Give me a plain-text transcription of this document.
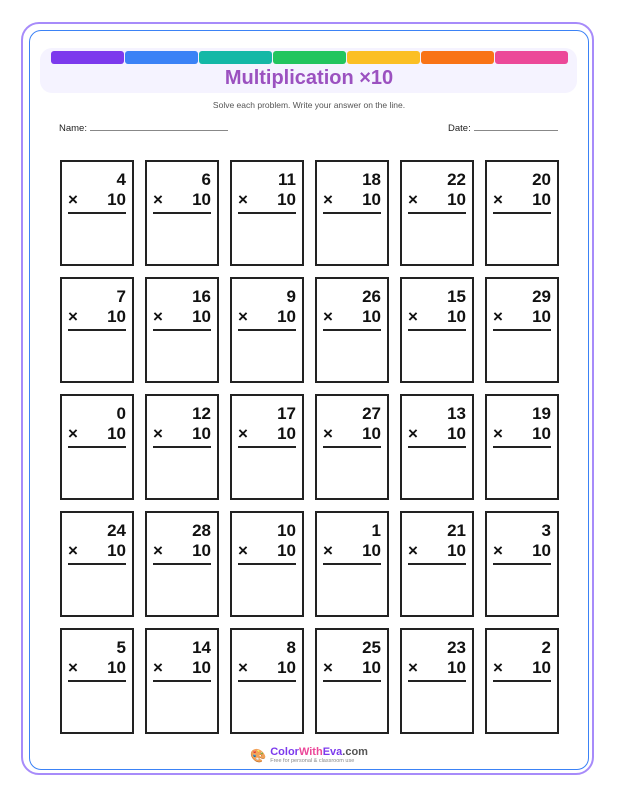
Multiplication ×10
Solve each problem. Write your answer on the line.
Name:	Date:
4
× 10
6
× 10
11
× 10
18
× 10
22
× 10
20
× 10
7
× 10
16
× 10
9
× 10
26
× 10
15
× 10
29
× 10
0
× 10
12
× 10
17
× 10
27
× 10
13
× 10
19
× 10
24
× 10
28
× 10
10
× 10
1
× 10
21
× 10
3
× 10
5
× 10
14
× 10
8
× 10
25
× 10
23
× 10
2
× 10
🎨 ColorWithEva.com
Free for personal & classroom use
